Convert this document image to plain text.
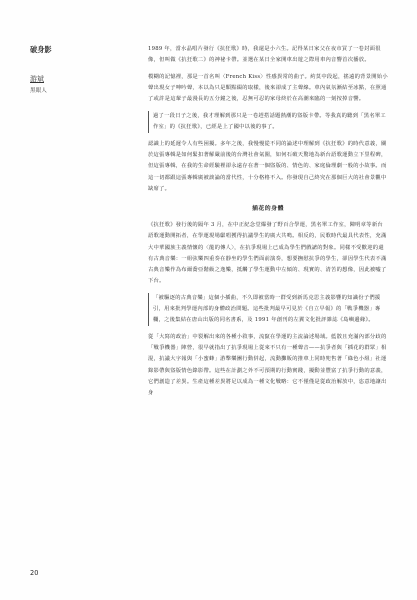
破身影
游斌
黑眼人

1989 年，當水晶唱片發行《抗狂歌》時，我還是小六生。記得某日家父在夜市買了一卷封面很像，但叫做《抗狂歌二》的神祕卡帶。並選在某日全家開車出遊之際用車內音響首次播放。

模糊的記憶裡，那是一首名叫〈French Kiss〉性感異常的曲子。約莫中段起，搖遠的背景開始小聲出現女子呻吟聲，本以為只是顆點綴的取樣，後來卻成了主聲線。車內氣氛漸結至冰點，在照通了或許是這輩子最漫長的五分鐘之後，忍無可忍的家母終於在高潮來臨的一刻按掉音響。

過了一段日子之後，我才理解到那只是一卷趕搭話題熱潮的盜版卡帶。等我真的聽到「黑名單工作室」的《抗狂歌》，已經是上了國中以後的事了。

認識上的延遲令人有些困擾。多年之後，我慢慢從不同的論述中理解到《抗狂歌》的時代意義，關於這張專輯是如何緊扣著解嚴前後的台灣社會氣圍，如何石破天驚地為新台語歌運動立下里程碑，但這張專輯，在我的生命經驗裡卻永遠存在著一個盜版的、情色的、家庭倫理劇一般的小故事。而這一切都跟這張專輯廣被談論的當代性，十分格格不入。你發現自己終究在那個巨大的社會景觀中缺席了。

插花的身體

《抗狂歌》發行後的隔年 3 月，在中正紀念堂爆發了野百合學運，黑名單工作室，陳明章等新台語歌運動開拓者，在學運現場獻唱獲得抗議學生的廣大共鳴。相反的，民歌時代最具代表性，充滿大中華國族主義情懷的〈龍的傳人〉，在抗爭現場上已成為學生們戲謔的對象。同樣不受歡迎的還有古典音樂：一組弦樂四重奏在靜坐的學生們面前演奏，想要撫慰抗爭的學生，卻因學生代表不滿古典音樂作為布爾喬亞階級之逸樂，抵觸了學生運動中左傾的、現實的、清苦的想像，因此被嘘了下台。

「被驅逐的古典音樂」這個小插曲，不久即被當時一群受到新馬克思主義影響的知識份子們援引，用來批判學運內部的身體政治問題。這些批判最早可見於《自立早報》的「戰爭機器」專欄，之後集結在唐山出版的同名書系，及 1991 年創刊的左翼文化批評雜誌《島嶼邊緣》。

從「大寫的政治」中裂解出來的各種小敘事，流竄在學運的主流論述場域。藍散且充滿內部分歧的「戰爭機器」陣營，很早就指出了抗爭現場上從來不只有一種聲音——抗爭者與「插花的群眾」相混，抗議大字報與「小蜜蜂」游擊樂團行動併起，流動攤販的推車上同時兜售著「綠色小組」社運錄影帶與盜版情色錄影帶。這些在計劃之外不可預期的行動實踐，擾動並豐富了抗爭行動的意義，它們創造了差異。生產這種差異將足以成為一種文化戰略：它不僅僅是從政治解放中，恣意地讓出身

20
